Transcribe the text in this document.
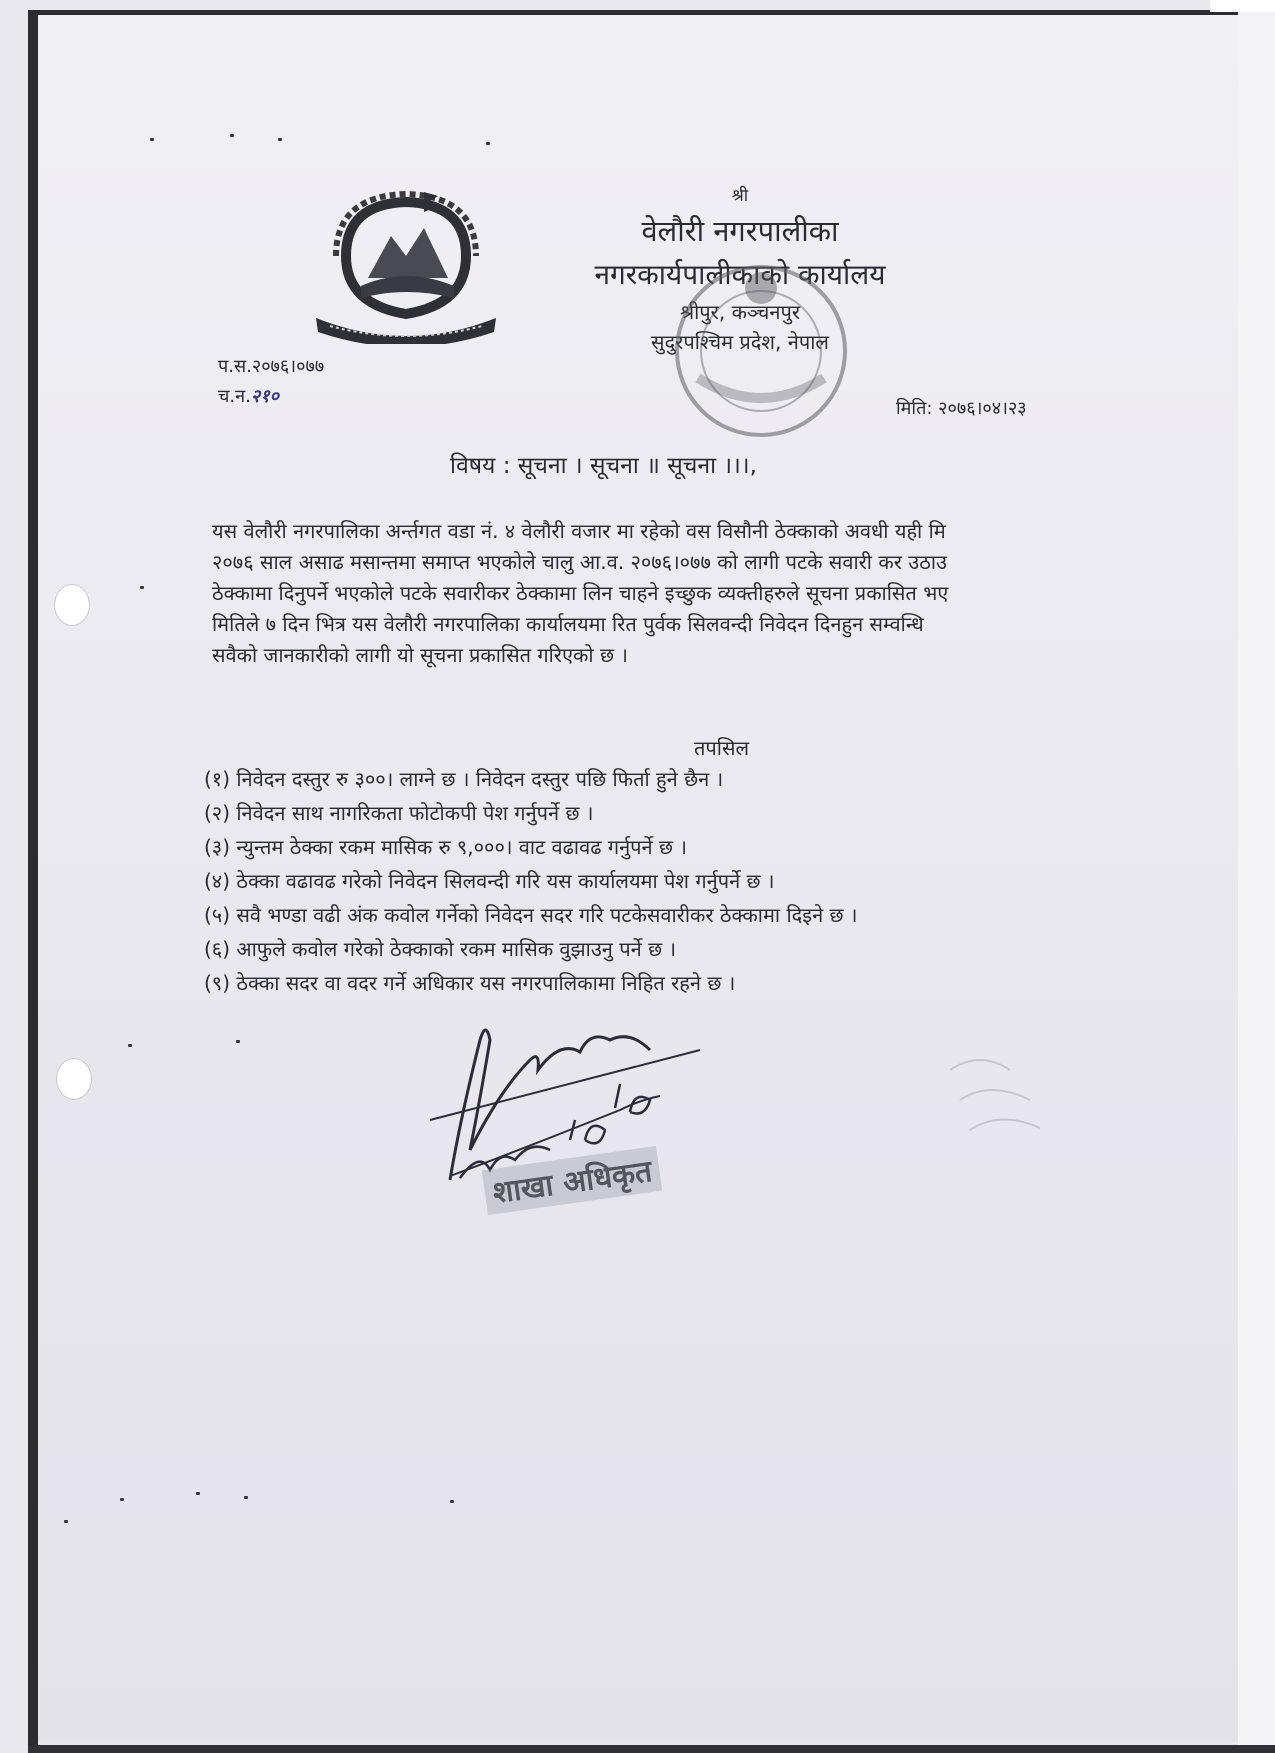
श्री

वेलौरी नगरपालीका

नगरकार्यपालीकाको कार्यालय

श्रीपुर, कञ्चनपुर

सुदुरपश्चिम प्रदेश, नेपाल

प.स.२०७६।०७७
च.न.२१०
मिति: २०७६।०४।२३
विषय : सूचना । सूचना ॥ सूचना ।।।,
यस वेलौरी नगरपालिका अर्न्तगत वडा नं. ४ वेलौरी वजार मा रहेको वस विसौनी ठेक्काको अवधी यही मि
२०७६ साल असाढ मसान्तमा समाप्त भएकोले चालु आ.व. २०७६।०७७ को लागी पटके सवारी कर उठाउ
ठेक्कामा दिनुपर्ने भएकोले पटके सवारीकर ठेक्कामा लिन चाहने इच्छुक व्यक्तीहरुले सूचना प्रकासित भए
मितिले ७ दिन भित्र यस वेलौरी नगरपालिका कार्यालयमा रित पुर्वक सिलवन्दी निवेदन दिनहुन सम्वन्धि
सवैको जानकारीको लागी यो सूचना प्रकासित गरिएको छ ।
तपसिल
(१) निवेदन दस्तुर रु ३००। लाग्ने छ । निवेदन दस्तुर पछि फिर्ता हुने छैन ।
(२) निवेदन साथ नागरिकता फोटोकपी पेश गर्नुपर्ने छ ।
(३) न्युन्तम ठेक्का रकम मासिक रु ९,०००। वाट वढावढ गर्नुपर्ने छ ।
(४) ठेक्का वढावढ गरेको निवेदन सिलवन्दी गरि यस कार्यालयमा पेश गर्नुपर्ने छ ।
(५) सवै भण्डा वढी अंक कवोल गर्नेको निवेदन सदर गरि पटकेसवारीकर ठेक्कामा दिइने छ ।
(६) आफुले कवोल गरेको ठेक्काको रकम मासिक वुझाउनु पर्ने छ ।
(९) ठेक्का सदर वा वदर गर्ने अधिकार यस नगरपालिकामा निहित रहने छ ।
शाखा अधिकृत
